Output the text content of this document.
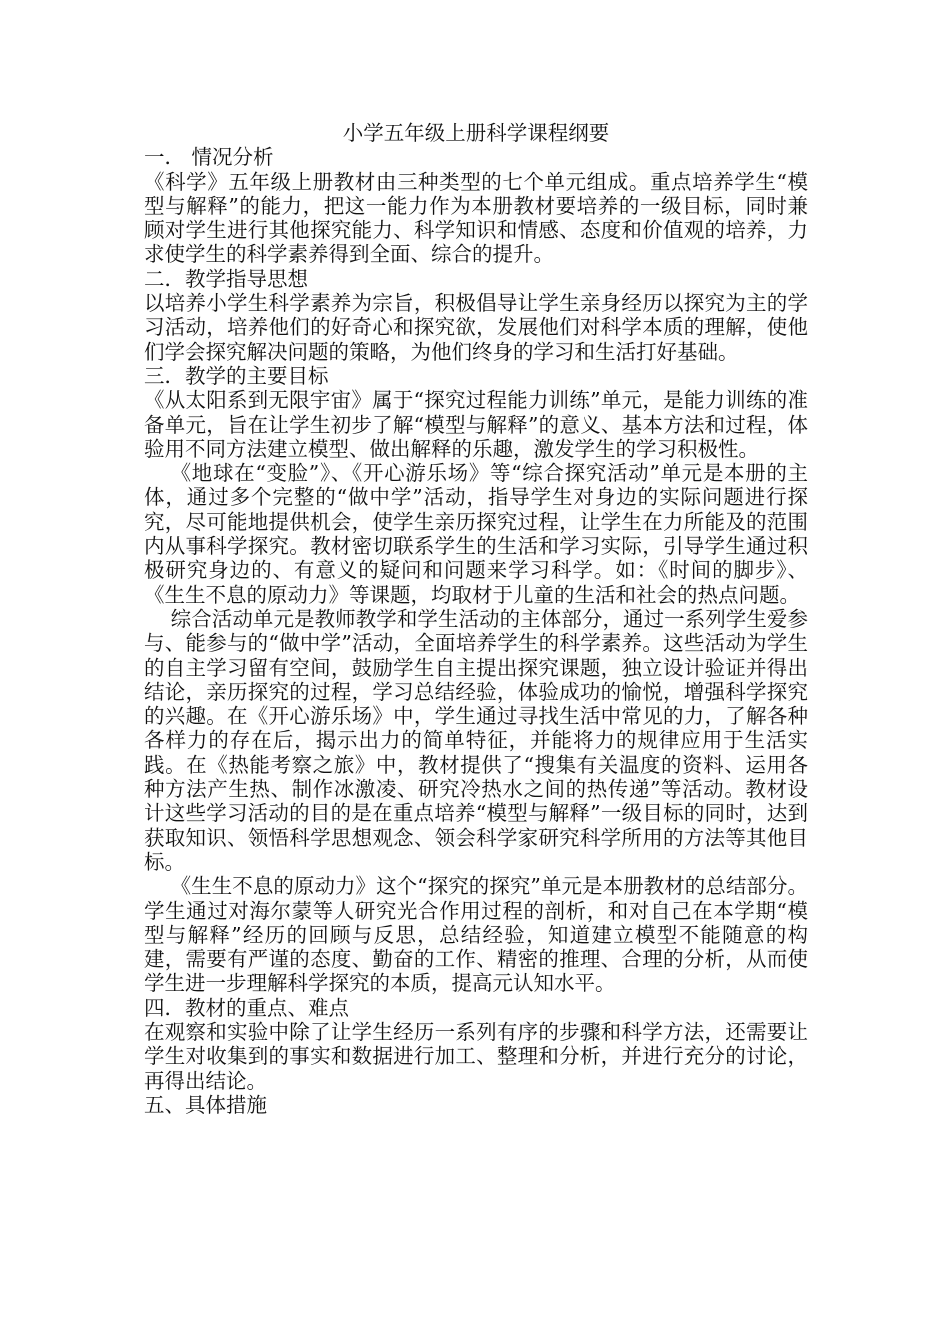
小学五年级上册科学课程纲要

一． 情况分析

《科学》五年级上册教材由三种类型的七个单元组成。重点培养学生“模型与解释”的能力，把这一能力作为本册教材要培养的一级目标，同时兼顾对学生进行其他探究能力、科学知识和情感、态度和价值观的培养，力求使学生的科学素养得到全面、综合的提升。

二．教学指导思想

以培养小学生科学素养为宗旨，积极倡导让学生亲身经历以探究为主的学习活动，培养他们的好奇心和探究欲，发展他们对科学本质的理解，使他们学会探究解决问题的策略，为他们终身的学习和生活打好基础。

三．教学的主要目标

《从太阳系到无限宇宙》属于“探究过程能力训练”单元，是能力训练的准备单元，旨在让学生初步了解“模型与解释”的意义、基本方法和过程，体验用不同方法建立模型、做出解释的乐趣，激发学生的学习积极性。

《地球在“变脸”》、《开心游乐场》等“综合探究活动”单元是本册的主体，通过多个完整的“做中学”活动，指导学生对身边的实际问题进行探究，尽可能地提供机会，使学生亲历探究过程，让学生在力所能及的范围内从事科学探究。教材密切联系学生的生活和学习实际，引导学生通过积极研究身边的、有意义的疑问和问题来学习科学。如：《时间的脚步》、《生生不息的原动力》等课题，均取材于儿童的生活和社会的热点问题。

综合活动单元是教师教学和学生活动的主体部分，通过一系列学生爱参与、能参与的“做中学”活动，全面培养学生的科学素养。这些活动为学生的自主学习留有空间，鼓励学生自主提出探究课题，独立设计验证并得出结论，亲历探究的过程，学习总结经验，体验成功的愉悦，增强科学探究的兴趣。在《开心游乐场》中，学生通过寻找生活中常见的力，了解各种各样力的存在后，揭示出力的简单特征，并能将力的规律应用于生活实践。在《热能考察之旅》中，教材提供了“搜集有关温度的资料、运用各种方法产生热、制作冰激凌、研究冷热水之间的热传递”等活动。教材设计这些学习活动的目的是在重点培养“模型与解释”一级目标的同时，达到获取知识、领悟科学思想观念、领会科学家研究科学所用的方法等其他目标。

《生生不息的原动力》这个“探究的探究”单元是本册教材的总结部分。学生通过对海尔蒙等人研究光合作用过程的剖析，和对自己在本学期“模型与解释”经历的回顾与反思，总结经验，知道建立模型不能随意的构建，需要有严谨的态度、勤奋的工作、精密的推理、合理的分析，从而使学生进一步理解科学探究的本质，提高元认知水平。

四．教材的重点、难点

在观察和实验中除了让学生经历一系列有序的步骤和科学方法，还需要让学生对收集到的事实和数据进行加工、整理和分析，并进行充分的讨论，再得出结论。

五、具体措施
